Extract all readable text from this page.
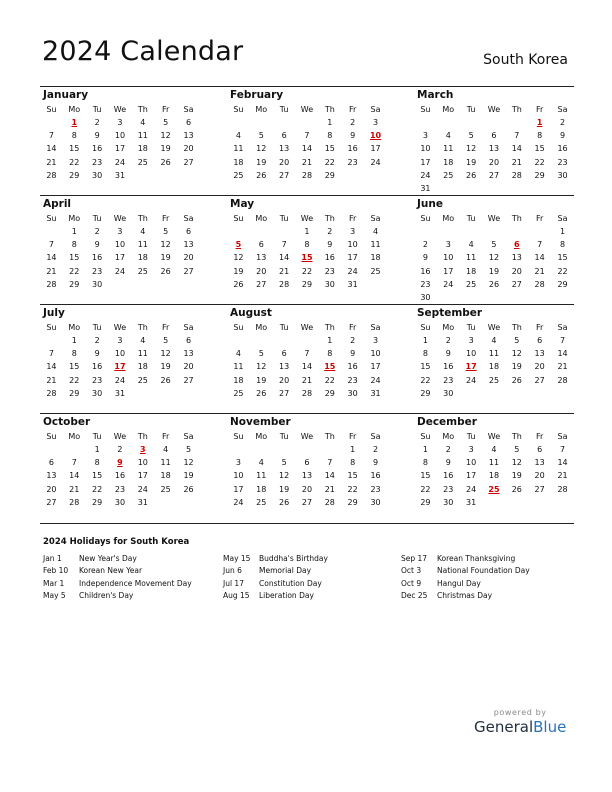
2024 Calendar	South Korea
January
Su	Mo	Tu	We	Th	Fr	Sa
	1	2	3	4	5	6
7	8	9	10	11	12	13
14	15	16	17	18	19	20
21	22	23	24	25	26	27
28	29	30	31			
February
Su	Mo	Tu	We	Th	Fr	Sa
				1	2	3
4	5	6	7	8	9	10
11	12	13	14	15	16	17
18	19	20	21	22	23	24
25	26	27	28	29		
March
Su	Mo	Tu	We	Th	Fr	Sa
					1	2
3	4	5	6	7	8	9
10	11	12	13	14	15	16
17	18	19	20	21	22	23
24	25	26	27	28	29	30
31						
April
Su	Mo	Tu	We	Th	Fr	Sa
	1	2	3	4	5	6
7	8	9	10	11	12	13
14	15	16	17	18	19	20
21	22	23	24	25	26	27
28	29	30				
May
Su	Mo	Tu	We	Th	Fr	Sa
			1	2	3	4
5	6	7	8	9	10	11
12	13	14	15	16	17	18
19	20	21	22	23	24	25
26	27	28	29	30	31	
June
Su	Mo	Tu	We	Th	Fr	Sa
						1
2	3	4	5	6	7	8
9	10	11	12	13	14	15
16	17	18	19	20	21	22
23	24	25	26	27	28	29
30						
July
Su	Mo	Tu	We	Th	Fr	Sa
	1	2	3	4	5	6
7	8	9	10	11	12	13
14	15	16	17	18	19	20
21	22	23	24	25	26	27
28	29	30	31			
August
Su	Mo	Tu	We	Th	Fr	Sa
				1	2	3
4	5	6	7	8	9	10
11	12	13	14	15	16	17
18	19	20	21	22	23	24
25	26	27	28	29	30	31
September
Su	Mo	Tu	We	Th	Fr	Sa
1	2	3	4	5	6	7
8	9	10	11	12	13	14
15	16	17	18	19	20	21
22	23	24	25	26	27	28
29	30					
October
Su	Mo	Tu	We	Th	Fr	Sa
		1	2	3	4	5
6	7	8	9	10	11	12
13	14	15	16	17	18	19
20	21	22	23	24	25	26
27	28	29	30	31		
November
Su	Mo	Tu	We	Th	Fr	Sa
					1	2
3	4	5	6	7	8	9
10	11	12	13	14	15	16
17	18	19	20	21	22	23
24	25	26	27	28	29	30
December
Su	Mo	Tu	We	Th	Fr	Sa
1	2	3	4	5	6	7
8	9	10	11	12	13	14
15	16	17	18	19	20	21
22	23	24	25	26	27	28
29	30	31				
2024 Holidays for South Korea
Jan 1	New Year's Day
Feb 10	Korean New Year
Mar 1	Independence Movement Day
May 5	Children's Day
May 15	Buddha's Birthday
Jun 6	Memorial Day
Jul 17	Constitution Day
Aug 15	Liberation Day
Sep 17	Korean Thanksgiving
Oct 3	National Foundation Day
Oct 9	Hangul Day
Dec 25	Christmas Day
powered by
GeneralBlue
